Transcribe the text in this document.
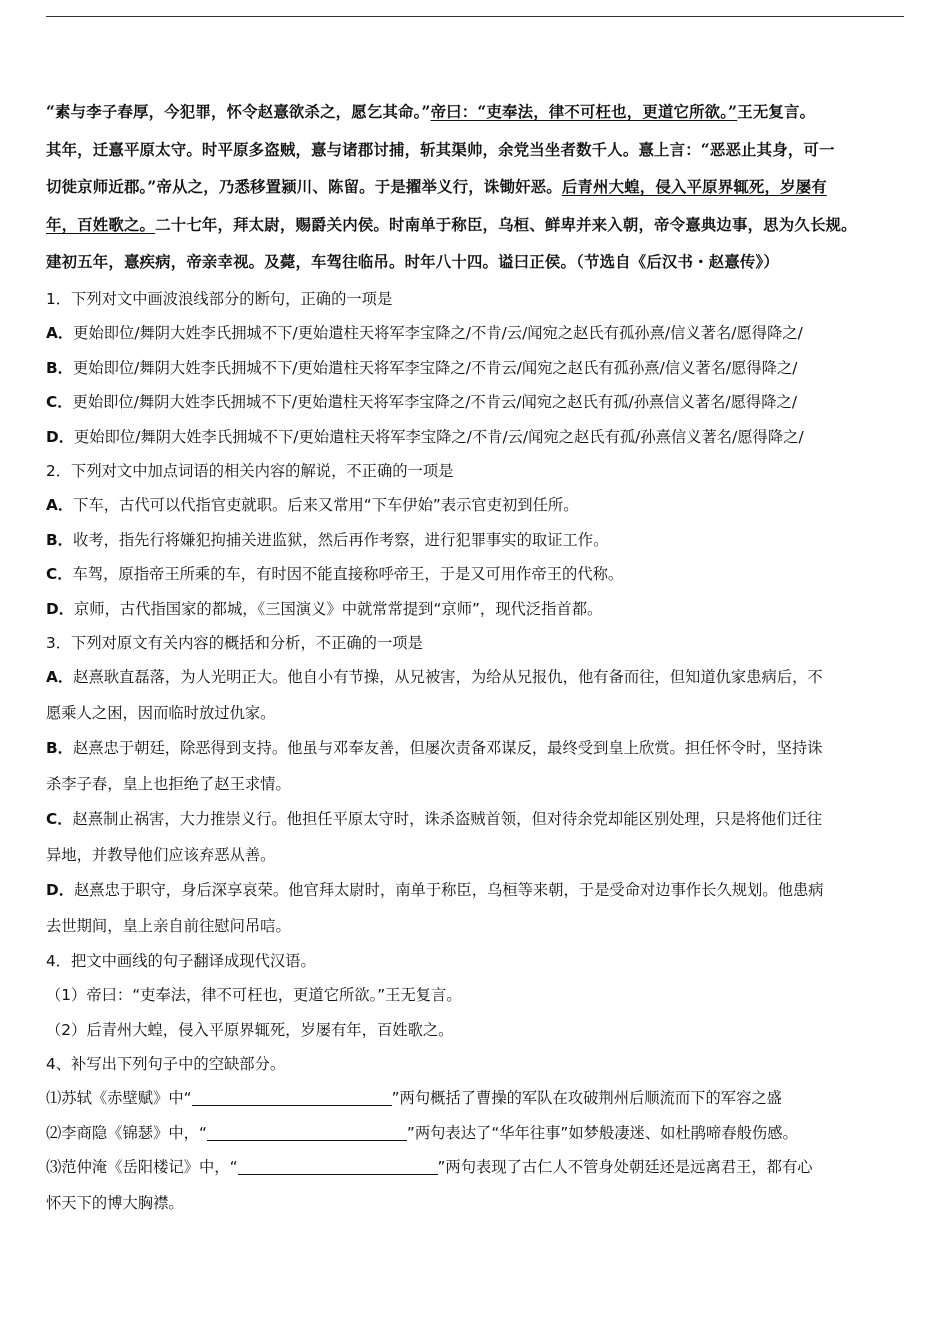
“素与李子春厚，今犯罪，怀令赵憙欲杀之，愿乞其命。”帝曰：“吏奉法，律不可枉也，更道它所欲。”王无复言。

其年，迁憙平原太守。时平原多盗贼，憙与诸郡讨捕，斩其渠帅，余党当坐者数千人。憙上言：“恶恶止其身，可一

切徙京师近郡。”帝从之，乃悉移置颍川、陈留。于是擢举义行，诛锄奸恶。后青州大蝗，侵入平原界辄死，岁屡有

年，百姓歌之。二十七年，拜太尉，赐爵关内侯。时南单于称臣，乌桓、鲜卑并来入朝，帝令憙典边事，思为久长规。

建初五年，憙疾病，帝亲幸视。及薨，车驾往临吊。时年八十四。谥曰正侯。（节选自《后汉书・赵憙传》）

1．下列对文中画波浪线部分的断句，正确的一项是
A．更始即位/舞阴大姓李氏拥城不下/更始遣柱天将军李宝降之/不肯/云/闻宛之赵氏有孤孙熹/信义著名/愿得降之/
B．更始即位/舞阴大姓李氏拥城不下/更始遣柱天将军李宝降之/不肯云/闻宛之赵氏有孤孙熹/信义著名/愿得降之/
C．更始即位/舞阴大姓李氏拥城不下/更始遣柱天将军李宝降之/不肯云/闻宛之赵氏有孤/孙熹信义著名/愿得降之/
D．更始即位/舞阴大姓李氏拥城不下/更始遣柱天将军李宝降之/不肯/云/闻宛之赵氏有孤/孙熹信义著名/愿得降之/
2．下列对文中加点词语的相关内容的解说，不正确的一项是
A．下车，古代可以代指官吏就职。后来又常用“下车伊始”表示官吏初到任所。
B．收考，指先行将嫌犯拘捕关进监狱，然后再作考察，进行犯罪事实的取证工作。
C．车驾，原指帝王所乘的车，有时因不能直接称呼帝王，于是又可用作帝王的代称。
D．京师，古代指国家的都城，《三国演义》中就常常提到“京师”，现代泛指首都。
3．下列对原文有关内容的概括和分析，不正确的一项是
A．赵熹耿直磊落，为人光明正大。他自小有节操，从兄被害，为给从兄报仇，他有备而往，但知道仇家患病后，不
愿乘人之困，因而临时放过仇家。
B．赵熹忠于朝廷，除恶得到支持。他虽与邓奉友善，但屡次责备邓谋反，最终受到皇上欣赏。担任怀令时，坚持诛
杀李子春，皇上也拒绝了赵王求情。
C．赵熹制止祸害，大力推崇义行。他担任平原太守时，诛杀盗贼首领，但对待余党却能区别处理，只是将他们迁往
异地，并教导他们应该弃恶从善。
D．赵熹忠于职守，身后深享哀荣。他官拜太尉时，南单于称臣，乌桓等来朝，于是受命对边事作长久规划。他患病
去世期间，皇上亲自前往慰问吊唁。
4．把文中画线的句子翻译成现代汉语。
（1）帝曰：“吏奉法，律不可枉也，更道它所欲。”王无复言。
（2）后青州大蝗，侵入平原界辄死，岁屡有年，百姓歌之。
4、补写出下列句子中的空缺部分。
⑴苏轼《赤壁赋》中“	”两句概括了曹操的军队在攻破荆州后顺流而下的军容之盛
⑵李商隐《锦瑟》中，“	”两句表达了“华年往事”如梦般凄迷、如杜鹃啼春般伤感。
⑶范仲淹《岳阳楼记》中，“	”两句表现了古仁人不管身处朝廷还是远离君王，都有心
怀天下的博大胸襟。
